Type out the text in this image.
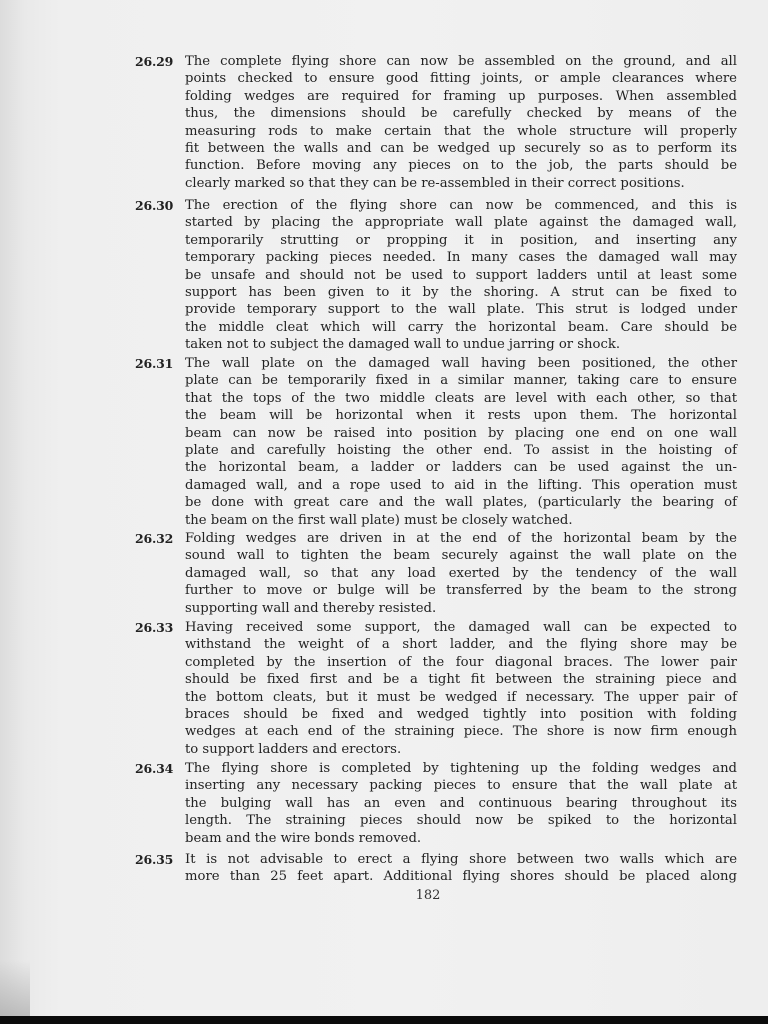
26.29 The complete flying shore can now be assembled on the ground, and all
points checked to ensure good fitting joints, or ample clearances where
folding wedges are required for framing up purposes. When assembled
thus, the dimensions should be carefully checked by means of the
measuring rods to make certain that the whole structure will properly
fit between the walls and can be wedged up securely so as to perform its
function. Before moving any pieces on to the job, the parts should be
clearly marked so that they can be re-assembled in their correct positions.
26.30 The erection of the flying shore can now be commenced, and this is
started by placing the appropriate wall plate against the damaged wall,
temporarily strutting or propping it in position, and inserting any
temporary packing pieces needed. In many cases the damaged wall may
be unsafe and should not be used to support ladders until at least some
support has been given to it by the shoring. A strut can be fixed to
provide temporary support to the wall plate. This strut is lodged under
the middle cleat which will carry the horizontal beam. Care should be
taken not to subject the damaged wall to undue jarring or shock.
26.31 The wall plate on the damaged wall having been positioned, the other
plate can be temporarily fixed in a similar manner, taking care to ensure
that the tops of the two middle cleats are level with each other, so that
the beam will be horizontal when it rests upon them. The horizontal
beam can now be raised into position by placing one end on one wall
plate and carefully hoisting the other end. To assist in the hoisting of
the horizontal beam, a ladder or ladders can be used against the un-
damaged wall, and a rope used to aid in the lifting. This operation must
be done with great care and the wall plates, (particularly the bearing of
the beam on the first wall plate) must be closely watched.
26.32 Folding wedges are driven in at the end of the horizontal beam by the
sound wall to tighten the beam securely against the wall plate on the
damaged wall, so that any load exerted by the tendency of the wall
further to move or bulge will be transferred by the beam to the strong
supporting wall and thereby resisted.
26.33 Having received some support, the damaged wall can be expected to
withstand the weight of a short ladder, and the flying shore may be
completed by the insertion of the four diagonal braces. The lower pair
should be fixed first and be a tight fit between the straining piece and
the bottom cleats, but it must be wedged if necessary. The upper pair of
braces should be fixed and wedged tightly into position with folding
wedges at each end of the straining piece. The shore is now firm enough
to support ladders and erectors.
26.34 The flying shore is completed by tightening up the folding wedges and
inserting any necessary packing pieces to ensure that the wall plate at
the bulging wall has an even and continuous bearing throughout its
length. The straining pieces should now be spiked to the horizontal
beam and the wire bonds removed.
26.35 It is not advisable to erect a flying shore between two walls which are
more than 25 feet apart. Additional flying shores should be placed along
182
